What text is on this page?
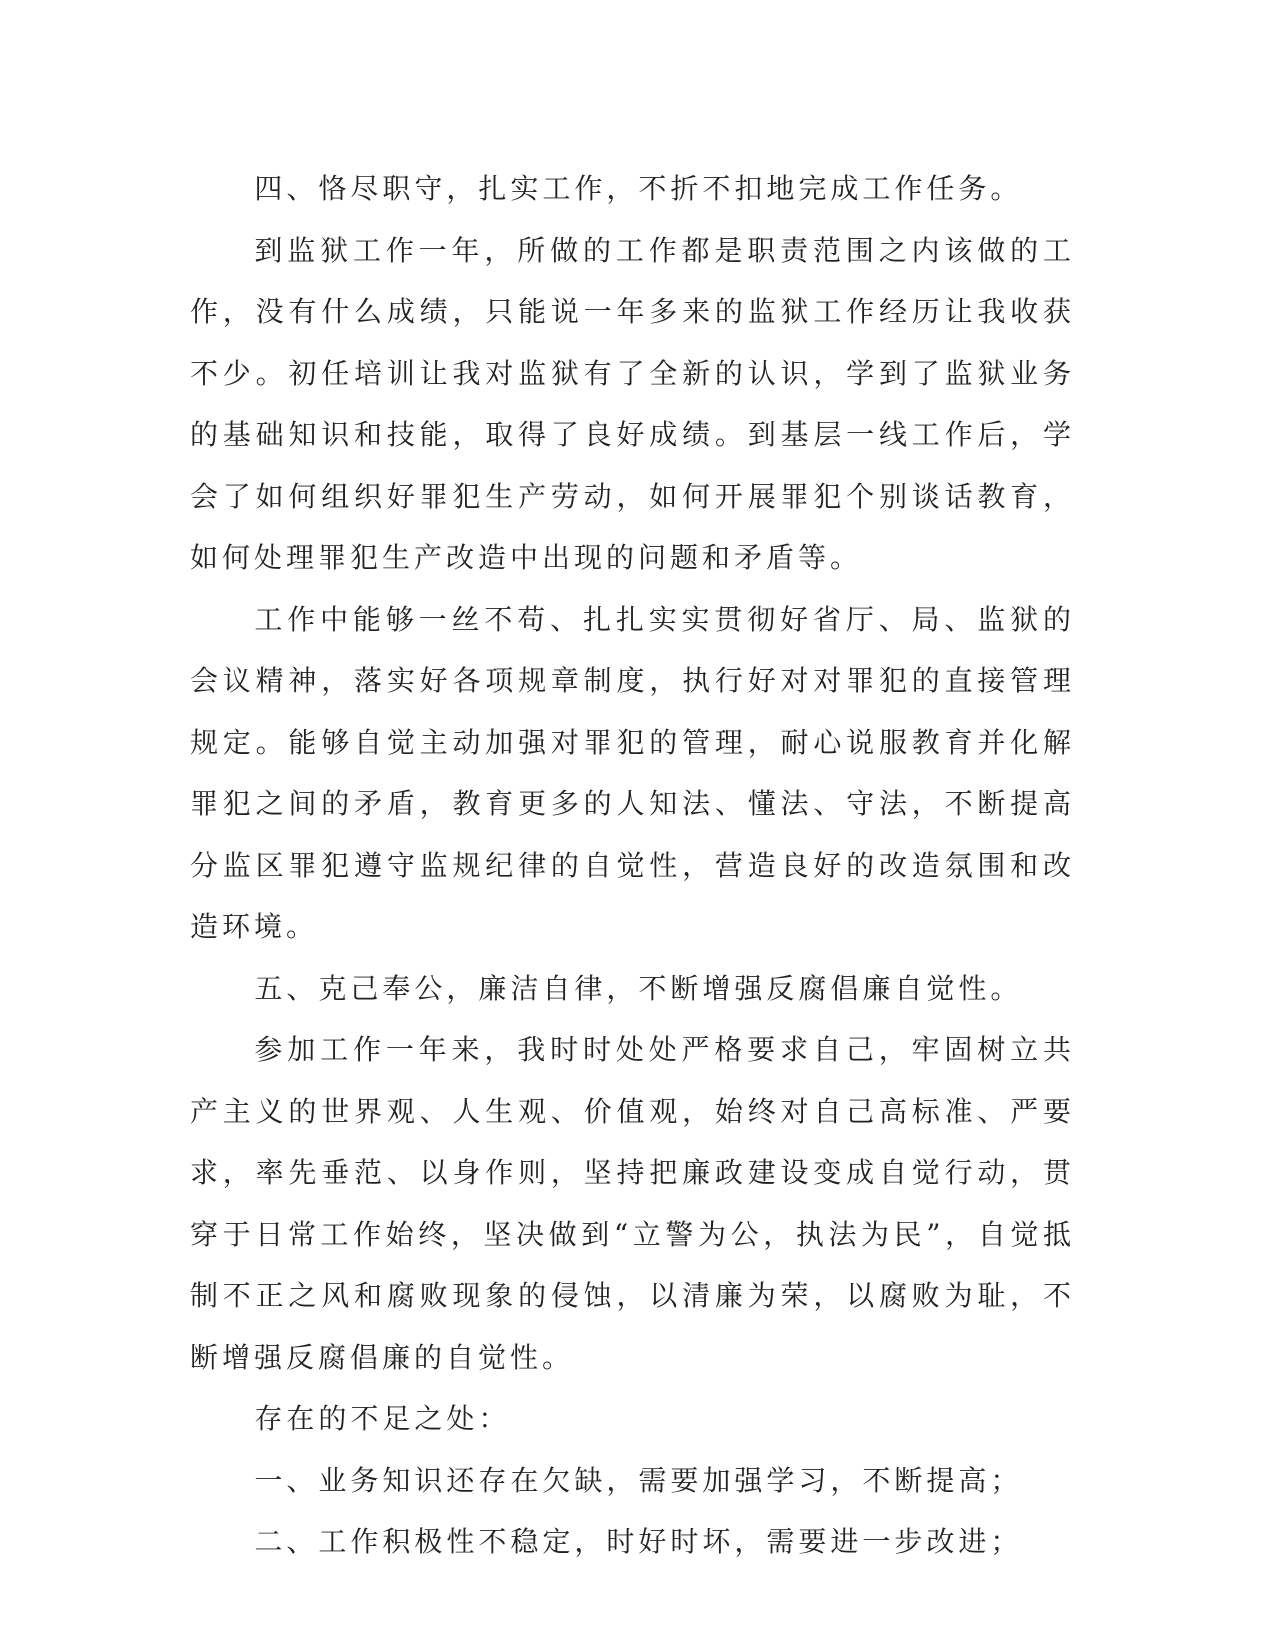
四、恪尽职守，扎实工作，不折不扣地完成工作任务。

到监狱工作一年，所做的工作都是职责范围之内该做的工作，没有什么成绩，只能说一年多来的监狱工作经历让我收获不少。初任培训让我对监狱有了全新的认识，学到了监狱业务的基础知识和技能，取得了良好成绩。到基层一线工作后，学会了如何组织好罪犯生产劳动，如何开展罪犯个别谈话教育，如何处理罪犯生产改造中出现的问题和矛盾等。

工作中能够一丝不苟、扎扎实实贯彻好省厅、局、监狱的会议精神，落实好各项规章制度，执行好对对罪犯的直接管理规定。能够自觉主动加强对罪犯的管理，耐心说服教育并化解罪犯之间的矛盾，教育更多的人知法、懂法、守法，不断提高分监区罪犯遵守监规纪律的自觉性，营造良好的改造氛围和改造环境。

五、克己奉公，廉洁自律，不断增强反腐倡廉自觉性。

参加工作一年来，我时时处处严格要求自己，牢固树立共产主义的世界观、人生观、价值观，始终对自己高标准、严要求，率先垂范、以身作则，坚持把廉政建设变成自觉行动，贯穿于日常工作始终，坚决做到“立警为公，执法为民”，自觉抵制不正之风和腐败现象的侵蚀，以清廉为荣，以腐败为耻，不断增强反腐倡廉的自觉性。

存在的不足之处：

一、业务知识还存在欠缺，需要加强学习，不断提高；

二、工作积极性不稳定，时好时坏，需要进一步改进；
